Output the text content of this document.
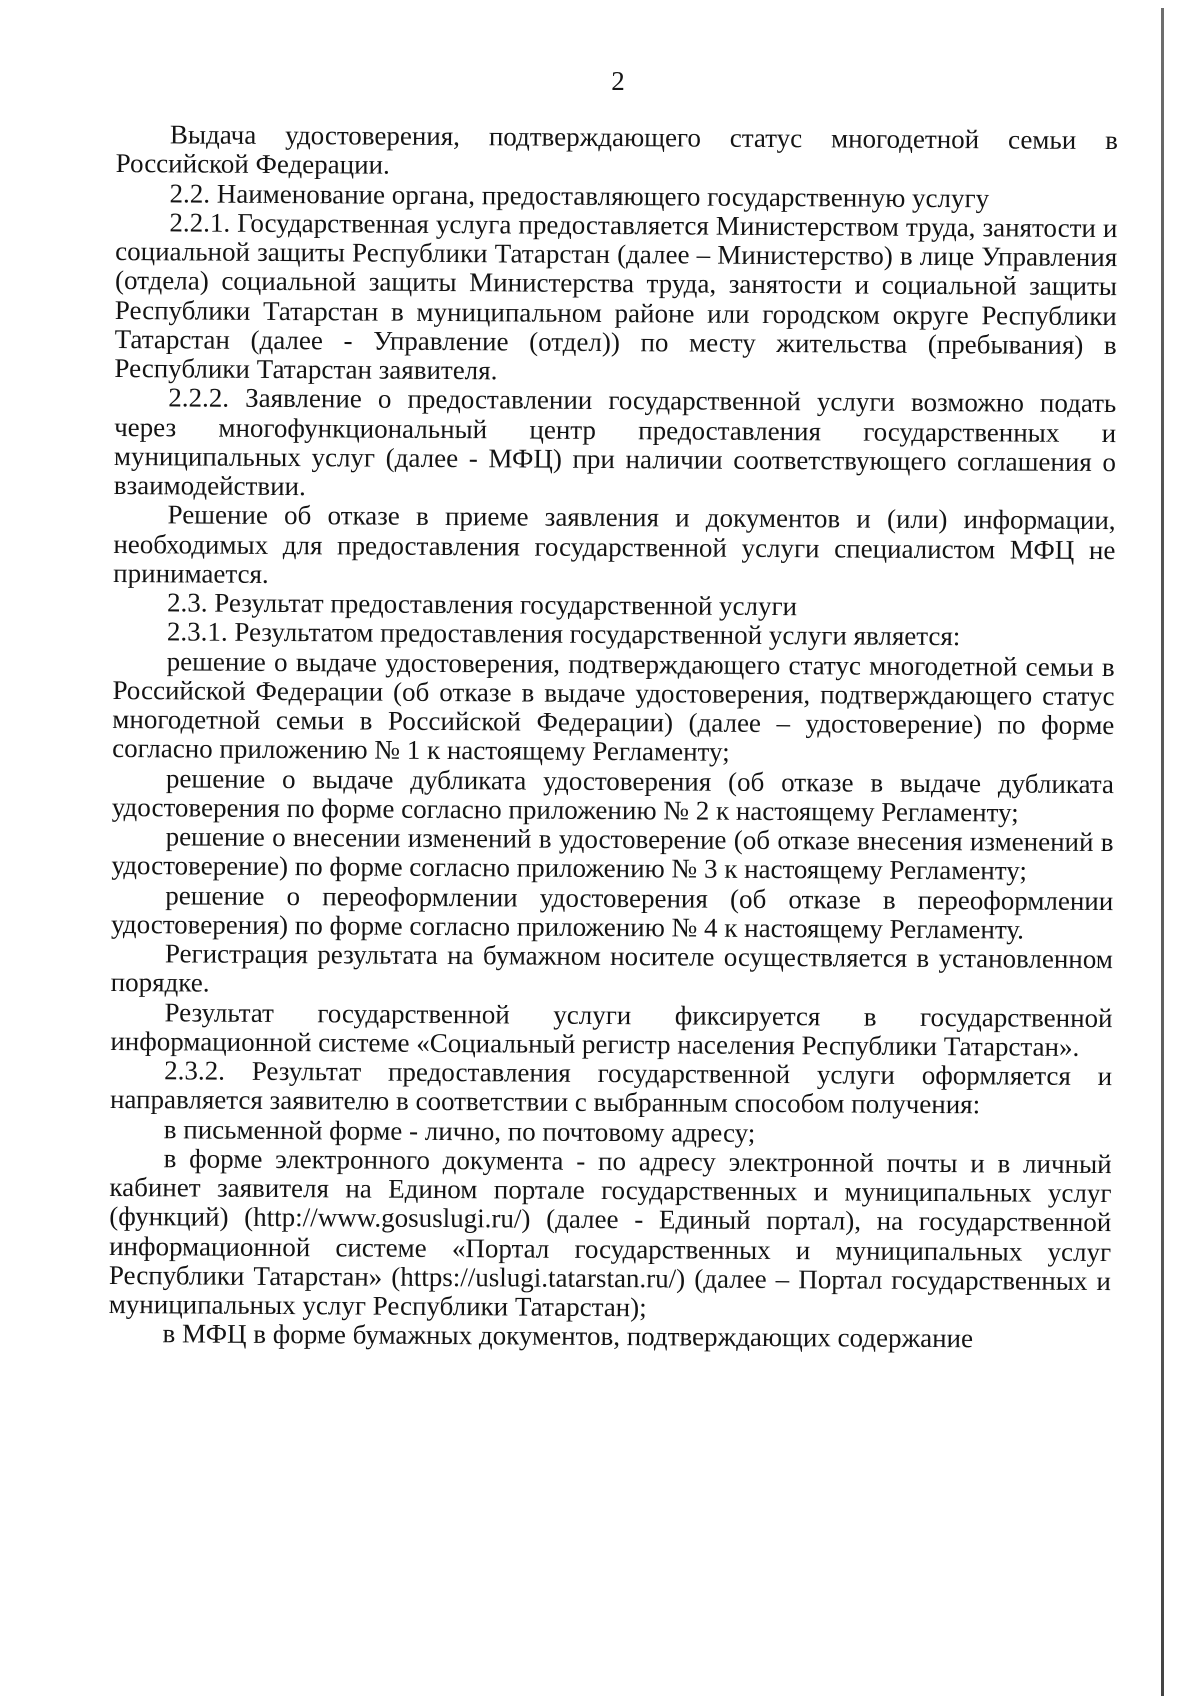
2

Выдача удостоверения, подтверждающего статус многодетной семьи в Российской Федерации.

2.2. Наименование органа, предоставляющего государственную услугу

2.2.1. Государственная услуга предоставляется Министерством труда, занятости и социальной защиты Республики Татарстан (далее – Министерство) в лице Управления (отдела) социальной защиты Министерства труда, занятости и социальной защиты Республики Татарстан в муниципальном районе или городском округе Республики Татарстан (далее - Управление (отдел)) по месту жительства (пребывания) в Республики Татарстан заявителя.

2.2.2. Заявление о предоставлении государственной услуги возможно подать через многофункциональный центр предоставления государственных и муниципальных услуг (далее - МФЦ) при наличии соответствующего соглашения о взаимодействии.

Решение об отказе в приеме заявления и документов и (или) информации, необходимых для предоставления государственной услуги специалистом МФЦ не принимается.

2.3. Результат предоставления государственной услуги

2.3.1. Результатом предоставления государственной услуги является:

решение о выдаче удостоверения, подтверждающего статус многодетной семьи в Российской Федерации (об отказе в выдаче удостоверения, подтверждающего статус многодетной семьи в Российской Федерации) (далее – удостоверение) по форме согласно приложению № 1 к настоящему Регламенту;

решение о выдаче дубликата удостоверения (об отказе в выдаче дубликата удостоверения по форме согласно приложению № 2 к настоящему Регламенту;

решение о внесении изменений в удостоверение (об отказе внесения изменений в удостоверение) по форме согласно приложению № 3 к настоящему Регламенту;

решение о переоформлении удостоверения (об отказе в переоформлении удостоверения) по форме согласно приложению № 4 к настоящему Регламенту.

Регистрация результата на бумажном носителе осуществляется в установленном порядке.

Результат государственной услуги фиксируется в государственной информационной системе «Социальный регистр населения Республики Татарстан».

2.3.2. Результат предоставления государственной услуги оформляется и направляется заявителю в соответствии с выбранным способом получения:

в письменной форме - лично, по почтовому адресу;

в форме электронного документа - по адресу электронной почты и в личный кабинет заявителя на Едином портале государственных и муниципальных услуг (функций) (http://www.gosuslugi.ru/) (далее - Единый портал), на государственной информационной системе «Портал государственных и муниципальных услуг Республики Татарстан» (https://uslugi.tatarstan.ru/) (далее – Портал государственных и муниципальных услуг Республики Татарстан);

в МФЦ в форме бумажных документов, подтверждающих содержание
